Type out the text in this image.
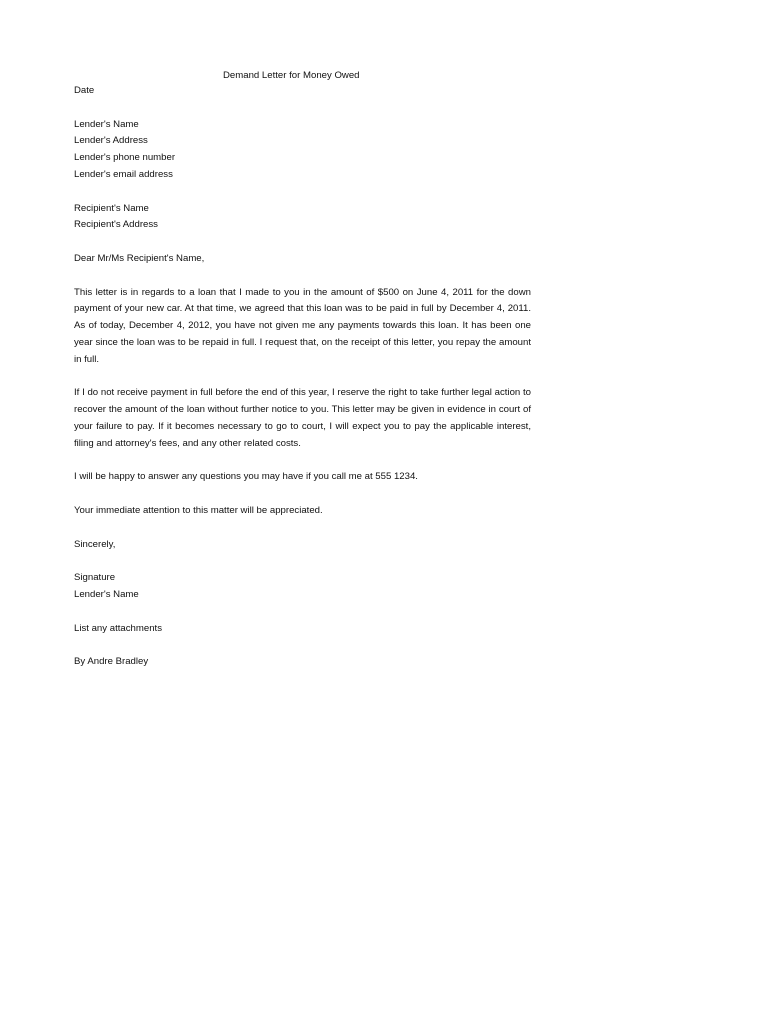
Demand Letter for Money Owed
Date
Lender's Name
Lender's Address
Lender's phone number
Lender's email address
Recipient's Name
Recipient's Address
Dear Mr/Ms Recipient's Name,

This letter is in regards to a loan that I made to you in the amount of $500 on June 4, 2011 for the down payment of your new car. At that time, we agreed that this loan was to be paid in full by December 4, 2011. As of today, December 4, 2012, you have not given me any payments towards this loan. It has been one year since the loan was to be repaid in full. I request that, on the receipt of this letter, you repay the amount in full.

If I do not receive payment in full before the end of this year, I reserve the right to take further legal action to recover the amount of the loan without further notice to you. This letter may be given in evidence in court of your failure to pay. If it becomes necessary to go to court, I will expect you to pay the applicable interest, filing and attorney's fees, and any other related costs.

I will be happy to answer any questions you may have if you call me at 555 1234.

Your immediate attention to this matter will be appreciated.

Sincerely,
Signature
Lender's Name
List any attachments
By Andre Bradley
